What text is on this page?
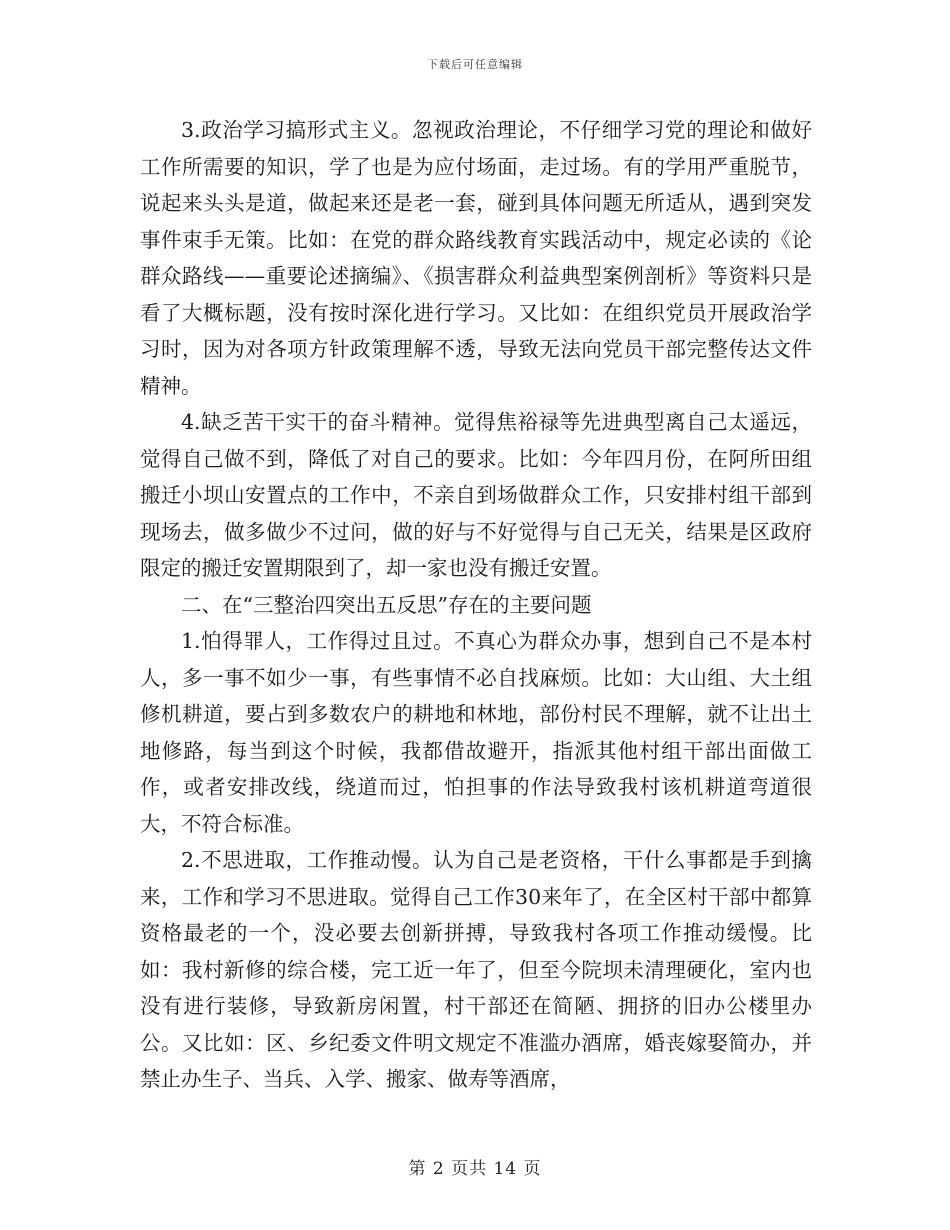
下载后可任意编辑

3.政治学习搞形式主义。忽视政治理论，不仔细学习党的理论和做好工作所需要的知识，学了也是为应付场面，走过场。有的学用严重脱节，说起来头头是道，做起来还是老一套，碰到具体问题无所适从，遇到突发事件束手无策。比如：在党的群众路线教育实践活动中，规定必读的《论群众路线——重要论述摘编》、《损害群众利益典型案例剖析》等资料只是看了大概标题，没有按时深化进行学习。又比如：在组织党员开展政治学习时，因为对各项方针政策理解不透，导致无法向党员干部完整传达文件精神。

4.缺乏苦干实干的奋斗精神。觉得焦裕禄等先进典型离自己太遥远，觉得自己做不到，降低了对自己的要求。比如：今年四月份，在阿所田组搬迁小坝山安置点的工作中，不亲自到场做群众工作，只安排村组干部到现场去，做多做少不过问，做的好与不好觉得与自己无关，结果是区政府限定的搬迁安置期限到了，却一家也没有搬迁安置。

二、在“三整治四突出五反思”存在的主要问题

1.怕得罪人，工作得过且过。不真心为群众办事，想到自己不是本村人，多一事不如少一事，有些事情不必自找麻烦。比如：大山组、大土组修机耕道，要占到多数农户的耕地和林地，部份村民不理解，就不让出土地修路，每当到这个时候，我都借故避开，指派其他村组干部出面做工作，或者安排改线，绕道而过，怕担事的作法导致我村该机耕道弯道很大，不符合标准。

2.不思进取，工作推动慢。认为自己是老资格，干什么事都是手到擒来，工作和学习不思进取。觉得自己工作30来年了，在全区村干部中都算资格最老的一个，没必要去创新拼搏，导致我村各项工作推动缓慢。比如：我村新修的综合楼，完工近一年了，但至今院坝未清理硬化，室内也没有进行装修，导致新房闲置，村干部还在简陋、拥挤的旧办公楼里办公。又比如：区、乡纪委文件明文规定不准滥办酒席，婚丧嫁娶简办，并禁止办生子、当兵、入学、搬家、做寿等酒席，

第 2 页共 14 页
